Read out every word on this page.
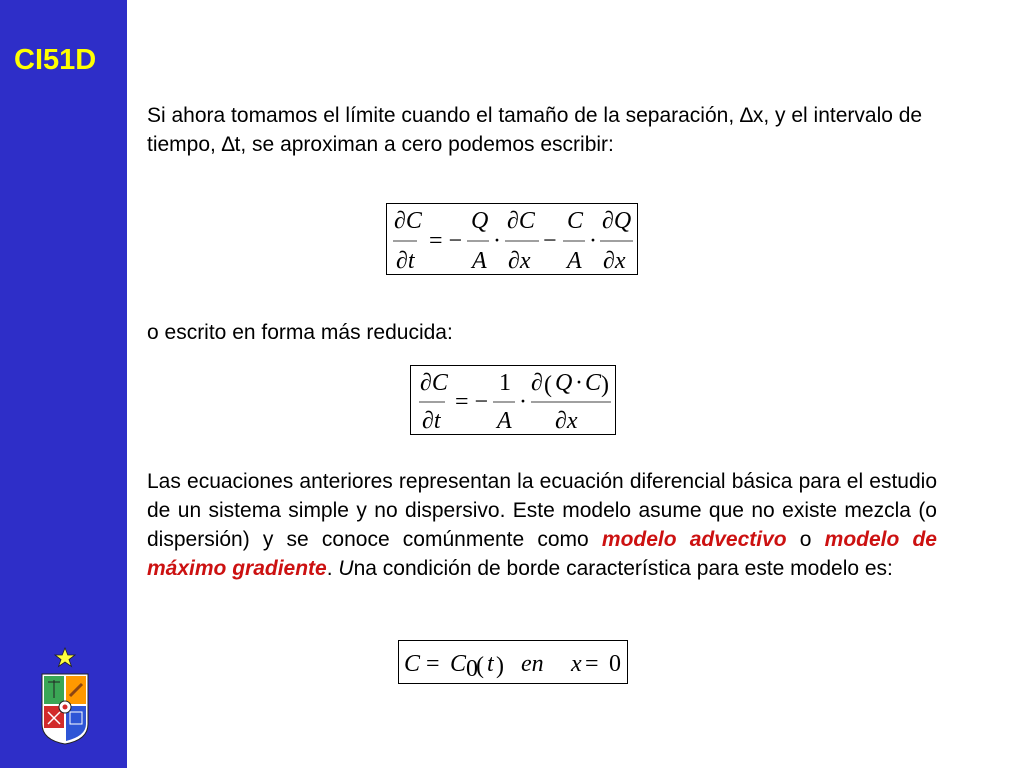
CI51D
Si ahora tomamos el límite cuando el tamaño de la separación, ∆x, y el intervalo de tiempo, ∆t, se aproximan a cero podemos escribir:
∂C
∂t
= −
Q
A
·
∂C
∂x
−
C
A
·
∂Q
∂x
o escrito en forma más reducida:
∂C
∂t
= −
1
A
·
∂ ( Q · C )
∂x
Las ecuaciones anteriores representan la ecuación diferencial básica para el estudio de un sistema simple y no dispersivo. Este modelo asume que no existe mezcla (o dispersión) y se conoce comúnmente como modelo advectivo o modelo de máximo gradiente. Una condición de borde característica para este modelo es:
C = C 0
( t ) en x = 0
